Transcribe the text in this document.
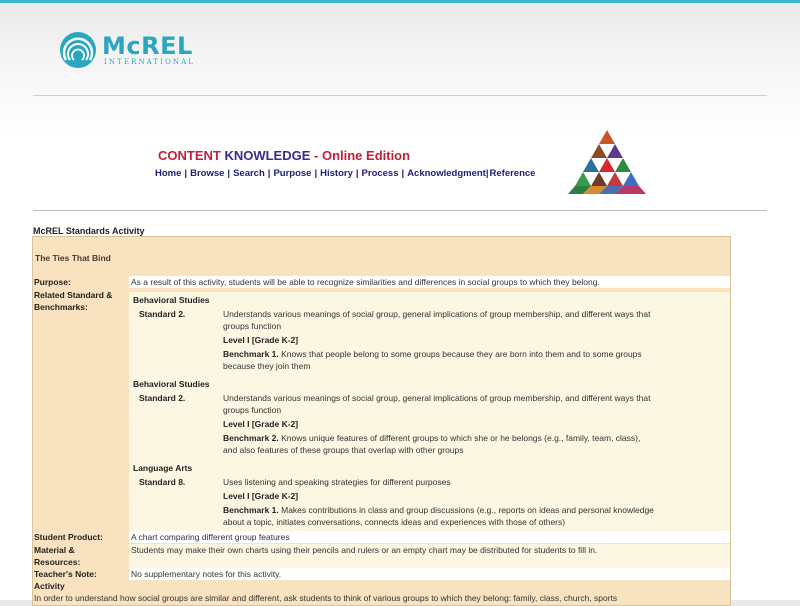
McREL
INTERNATIONAL
CONTENT KNOWLEDGE - Online Edition
Home | Browse | Search | Purpose | History | Process | Acknowledgment|Reference
McREL Standards Activity
The Ties That Bind
Purpose:	As a result of this activity, students will be able to recognize similarities and differences in social groups to which they belong.
Related Standard &
Benchmarks:
Behavioral Studies
Standard 2.	Understands various meanings of social group, general implications of group membership, and different ways that
groups function
Level I [Grade K-2]
Benchmark 1. Knows that people belong to some groups because they are born into them and to some groups
because they join them
Behavioral Studies
Standard 2.	Understands various meanings of social group, general implications of group membership, and different ways that
groups function
Level I [Grade K-2]
Benchmark 2. Knows unique features of different groups to which she or he belongs (e.g., family, team, class),
and also features of these groups that overlap with other groups
Language Arts
Standard 8.	Uses listening and speaking strategies for different purposes
Level I [Grade K-2]
Benchmark 1. Makes contributions in class and group discussions (e.g., reports on ideas and personal knowledge
about a topic, initiates conversations, connects ideas and experiences with those of others)
Student Product:	A chart comparing different group features
Material &
Resources:
Students may make their own charts using their pencils and rulers or an empty chart may be distributed for students to fill in.
Teacher's Note:	No supplementary notes for this activity.
Activity
In order to understand how social groups are similar and different, ask students to think of various groups to which they belong: family, class, church, sports
